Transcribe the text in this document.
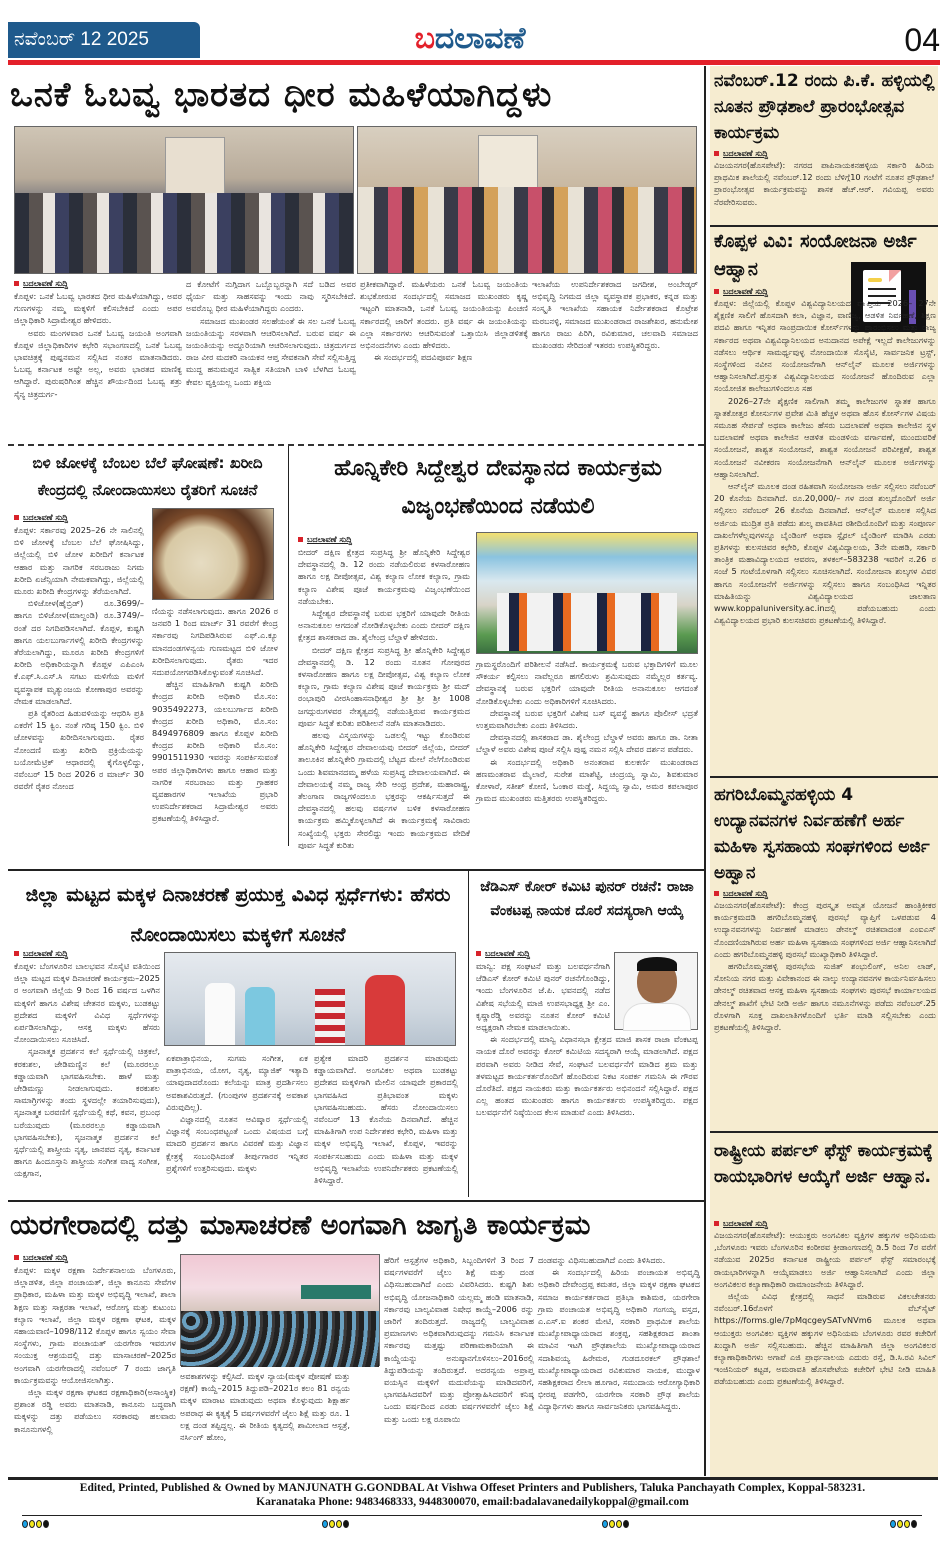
ನವೆಂಬರ್ 12 2025	ಬದಲಾವಣೆ	04
ಒನಕೆ ಓಬವ್ವ ಭಾರತದ ಧೀರ ಮಹಿಳೆಯಾಗಿದ್ದಳು
ಬದಲಾವಣೆ ಸುದ್ದಿ

ಕೊಪ್ಪಳ: ಒನಕೆ ಓಬವ್ವ ಭಾರತದ ಧೀರ ಮಹಿಳೆಯಾಗಿದ್ದು, ಅವರ ಗುಣಗಳನ್ನು ನಮ್ಮ ಮಕ್ಕಳಿಗೆ ಕಲಿಸಬೇಕಿದೆ ಎಂದು ಅಪರ ಜಿಲ್ಲಾಧಿಕಾರಿ ಸಿದ್ರಾಮೇಶ್ವರ ಹೇಳಿದರು.

ಅವರು ಮಂಗಳವಾರ ಒನಕೆ ಓಬವ್ವ ಜಯಂತಿ ಅಂಗವಾಗಿ ಕೊಪ್ಪಳ ಜಿಲ್ಲಾಧಿಕಾರಿಗಳ ಕಛೇರಿ ಸಭಾಂಗಣದಲ್ಲಿ ಒನಕೆ ಓಬವ್ವ ಭಾವಚಿತ್ರಕ್ಕೆ ಪುಷ್ಪನಮನ ಸಲ್ಲಿಸಿದ ನಂತರ ಮಾತನಾಡಿದರು. ಓಬವ್ವ ಕರ್ನಾಟಕ ಅಷ್ಟೇ ಅಲ್ಲ, ಅವರು ಭಾರತದ ಮಾಣಿಕ್ಯ ಆಗಿದ್ದಾರೆ. ಪುರುಷರಿಗಿಂತ ಹೆಚ್ಚಿನ ಶೌರ್ಯದಿಂದ ಓಬವ್ವ ಶತ್ರು ಸೈನ್ಯ ಚಿತ್ರದುರ್ಗ-

ದ ಕೋಟೆಗೆ ನುಗ್ಗಿದಾಗ ಒಬ್ಬೊಬ್ಬರನ್ನಾಗಿ ಸದೆ ಬಡಿದ ಅವರ ಧೈರ್ಯ ಮತ್ತು ಸಾಹಸವನ್ನು ಇಂದು ನಾವು ಸ್ಮರಿಸಬೇಕಿದೆ. ಅವರೊಬ್ಬ ಧೀರ ಮಹಿಳೆಯಾಗಿದ್ದರು ಎಂದರು.

ಸಮಾಜದ ಮುಖಂಡರ ಸಲಹೆಯಂತೆ ಈ ಸಲ ಒನಕೆ ಓಬವ್ವ ಜಯಂತಿಯನ್ನು ಸರಳವಾಗಿ ಆಚರಿಸಲಾಗಿದೆ. ಬರುವ ವರ್ಷ ಈ ಜಯಂತಿಯನ್ನು ಅದ್ದೂರಿಯಾಗಿ ಆಚರಿಸಲಾಗುವುದು. ಚಿತ್ರದುರ್ಗದ ರಾಜ ವೀರ ಮದಕರಿ ನಾಯಕನ ಆಪ್ತ ಸೇವಕನಾಗಿ ಸೇವೆ ಸಲ್ಲಿಸುತ್ತಿದ್ದ ಮುದ್ದ ಹನುಮಪ್ಪನ ಸಾತ್ವಿಕ ಸತಿಯಾಗಿ ಬಾಳಿ ಬೆಳಗಿದ ಓಬವ್ವ ಕೇವಲ ವ್ಯಕ್ತಿಯಲ್ಲ ಒಂದು ಶಕ್ತಿಯ

ಪ್ರತೀಕವಾಗಿದ್ದಾರೆ. ಮಹಿಳೆಯರು ಒನಕೆ ಓಬವ್ವ ಜಯಂತಿಯ ಶುಭಕೋರುವ ಸಂದರ್ಭದಲ್ಲಿ ಸಮಾಜದ ಮುಖಂಡರು ಕೃಷ್ಣ ಇಟ್ಟಂಗಿ ಮಾತನಾಡಿ, ಒನಕೆ ಓಬವ್ವ ಜಯಂತಿಯನ್ನು ಪಿಂಚಣಿ ಸರ್ಕಾರದಲ್ಲಿ ಜಾರಿಗೆ ತಂದರು. ಪ್ರತಿ ವರ್ಷ ಈ ಜಯಂತಿಯನ್ನು ಎಲ್ಲಾ ಸರ್ಕಾರಗಳು ಆಚರಿಸುವಂತೆ ಒತ್ತಾಯಿಸಿ ಜಿಲ್ಲಾಡಳಿತಕ್ಕೆ ಅಭಿನಂದನೆಗಳು ಎಂದು ಹೇಳಿದರು.

ಈ ಸಂದರ್ಭದಲ್ಲಿ ಪದವಿಪೂರ್ವ ಶಿಕ್ಷಣ

ಇಲಾಖೆಯ ಉಪನಿರ್ದೇಶಕರಾದ ಜಗದೀಶ, ಅಂಬೇಡ್ಕರ್ ಅಭಿವೃದ್ಧಿ ನಿಗಮದ ಜಿಲ್ಲಾ ವ್ಯವಸ್ಥಾಪಕ ಪ್ರಭಾಕರ, ಕನ್ನಡ ಮತ್ತು ಸಂಸ್ಕೃತಿ ಇಲಾಖೆಯ ಸಹಾಯಕ ನಿರ್ದೇಶಕರಾದ ಕೊಟ್ರೇಶ ಮರಬನಳ್ಳಿ, ಸಮಾಜದ ಮುಖಂಡರಾದ ರಾಜಶೇಖರ, ಹನುಮೇಶ ಹಾಗೂ ರಾಜು ಪಿರಿಗಿ, ರವಿಕುಮಾರ, ಚಲವಾದಿ ಸಮಾಜದ ಮುಖಂಡರು ಸೇರಿದಂತೆ ಇತರರು ಉಪಸ್ಥಿತರಿದ್ದರು.

ನವೆಂಬರ್.12 ರಂದು ಪಿ.ಕೆ. ಹಳ್ಳಿಯಲ್ಲಿ ನೂತನ ಪ್ರೌಢಶಾಲೆ ಪ್ರಾರಂಭೋತ್ಸವ ಕಾರ್ಯಕ್ರಮ
ಬದಲಾವಣೆ ಸುದ್ದಿ

ವಿಜಯನಗರ(ಹೊಸಪೇಟೆ): ನಗರದ ಪಾಪಿನಾಯಕನಹಳ್ಳಿಯ ಸರ್ಕಾರಿ ಹಿರಿಯ ಪ್ರಾಥಮಿಕ ಶಾಲೆಯಲ್ಲಿ ನವೆಂಬರ್.12 ರಂದು ಬೆಳಿಗ್ಗೆ10 ಗಂಟೆಗೆ ನೂತನ ಪ್ರೌಢಶಾಲೆ ಪ್ರಾರಂಭೋತ್ಸವ ಕಾರ್ಯಕ್ರಮವನ್ನು ಶಾಸಕ ಹೆಚ್.ಆರ್. ಗವಿಯಪ್ಪ ಅವರು ನೆರವೇರಿಸುವರು.

ಕೊಪ್ಪಳ ವಿವಿ: ಸಂಯೋಜನಾ ಅರ್ಜಿ ಆಹ್ವಾನ
ಬದಲಾವಣೆ ಸುದ್ದಿ

ಕೊಪ್ಪಳ: ಜಿಲ್ಲೆಯಲ್ಲಿ ಕೊಪ್ಪಳ ವಿಶ್ವವಿದ್ಯಾನಿಲಯದ ವ್ಯಾಪ್ತಿಯ 2026– 27ನೇ ಶೈಕ್ಷಣಿಕ ಸಾಲಿಗೆ ಹೊಸದಾಗಿ ಕಲಾ, ವಿಜ್ಞಾನ, ವಾಣಿಜ್ಯ, ಆಡಳಿತ ನಿರ್ವಹಣೆ, ಶಿಕ್ಷಣ ಪದವಿ ಹಾಗೂ ಇನ್ನಿತರ ಸಾಂಪ್ರದಾಯಿಕ ಕೋರ್ಸ್‌ಗಳನ್ನು ಪ್ರಾರಂಭಿಸಲು ಮತ್ತು ರಾಜ್ಯ ಸರ್ಕಾರದ ಅಥವಾ ವಿಶ್ವವಿದ್ಯಾನಿಲಯದ ಅನುದಾನದ ಅಪೇಕ್ಷೆ ಇಲ್ಲದೆ ಕಾಲೇಜುಗಳನ್ನು ನಡೆಸಲು ಆರ್ಥಿಕ ಸಾಮರ್ಥ್ಯವುಳ್ಳ ನೋಂದಾಯಿತ ಸೊಸೈಟಿ, ಸಾರ್ವಜನಿಕ ಟ್ರಸ್ಟ್, ಸಂಸ್ಥೆಗಳಿಂದ ನವೀನ ಸಂಯೋಜನೆಗಾಗಿ ಆನ್‌ಲೈನ್ ಮೂಲಕ ಅರ್ಜಿಗಳನ್ನು ಆಹ್ವಾನಿಸಲಾಗಿದೆ.ಪ್ರಸ್ತುತ ವಿಶ್ವವಿದ್ಯಾನಿಲಯದ ಸಂಯೋಜನೆ ಹೊಂದಿರುವ ಎಲ್ಲಾ ಸಂಯೋಜಿತ ಕಾಲೇಜುಗಳಿಂದಲೂ ಸಹ

2026–27ನೇ ಶೈಕ್ಷಣಿಕ ಸಾಲಿಗಾಗಿ ತಮ್ಮ ಕಾಲೇಜುಗಳ ಸ್ನಾತಕ ಹಾಗೂ ಸ್ನಾತಕೋತ್ತರ ಕೋರ್ಸುಗಳ ಪ್ರವೇಶ ಮಿತಿ ಹೆಚ್ಚಳ ಅಥವಾ ಹೊಸ ಕೋರ್ಸ್‌ಗಳ ವಿಷಯ ಸಮೂಹ ಸೇರ್ಪಡೆ ಅಥವಾ ಕಾಲೇಜು ಹೆಸರು ಬದಲಾವಣೆ ಅಥವಾ ಕಾಲೇಜಿನ ಸ್ಥಳ ಬದಲಾವಣೆ ಅಥವಾ ಕಾಲೇಜಿನ ಆಡಳಿತ ಮಂಡಳಿಯ ವರ್ಗಾವಣೆ, ಮುಂದುವರಿಕೆ ಸಂಯೋಜನೆ, ಶಾಶ್ವತ ಸಂಯೋಜನೆ, ಶಾಶ್ವತ ಸಂಯೋಜನೆ ಪರಿವೀಕ್ಷಣೆ, ಶಾಶ್ವತ ಸಂಯೋಜನೆ ನವೀಕರಣ ಸಂಯೋಜನೆಗಾಗಿ ಆನ್‌ಲೈನ್ ಮೂಲಕ ಅರ್ಜಿಗಳನ್ನು ಆಹ್ವಾನಿಸಲಾಗಿದೆ.

ಆನ್‌ಲೈನ್ ಮೂಲಕ ದಂಡ ರಹಿತವಾಗಿ ಸಂಯೋಜನಾ ಅರ್ಜಿ ಸಲ್ಲಿಸಲು ನವೆಂಬರ್ 20 ಕೊನೆಯ ದಿನವಾಗಿದೆ. ರೂ.20,000/– ಗಳ ದಂಡ ಶುಲ್ಕದೊಂದಿಗೆ ಅರ್ಜಿ ಸಲ್ಲಿಸಲು ನವೆಂಬರ್ 26 ಕೊನೆಯ ದಿನವಾಗಿದೆ. ಆನ್‌ಲೈನ್ ಮೂಲಕ ಸಲ್ಲಿಸಿದ ಅರ್ಜಿಯ ಮುದ್ರಿತ ಪ್ರತಿ ಪಡೆದು ಶುಲ್ಕ ಪಾವತಿಸಿದ ರಶೀದಿಯೊಂದಿಗೆ ಮತ್ತು ಸಂಪೂರ್ಣ ದಾಖಲೆಗಳೆಲ್ಲವುಗಳನ್ನೂ ಬೈಂಡಿಂಗ್ ಅಥವಾ ಸ್ಪೈರಲ್ ಬೈಂಡಿಂಗ್ ಮಾಡಿಸಿ ಎರಡು ಪ್ರತಿಗಳನ್ನು ಕುಲಸಚಿವರ ಕಛೇರಿ, ಕೊಪ್ಪಳ ವಿಶ್ವವಿದ್ಯಾಲಯ, 3ನೇ ಮಹಡಿ, ಸರ್ಕಾರಿ ತಾಂತ್ರಿಕ ಮಹಾವಿದ್ಯಾಲಯದ ಆವರಣ, ತಳಕಲ್–583238 ಇವರಿಗೆ ನ.26 ರ ಸಂಜೆ 5 ಗಂಟೆಯೊಳಗಾಗಿ ಸಲ್ಲಿಸಲು ಸೂಚಿಸಲಾಗಿದೆ. ಸಂಯೋಜನಾ ಶುಲ್ಕಗಳ ವಿವರ ಹಾಗೂ ಸಂಯೋಜನೆಗೆ ಅರ್ಜಿಗಳನ್ನು ಸಲ್ಲಿಸಲು ಹಾಗೂ ಸಂಬಂಧಿಸಿದ ಇನ್ನಿತರ ಮಾಹಿತಿಯನ್ನು ವಿಶ್ವವಿದ್ಯಾಲಯದ ಜಾಲತಾಣ www.koppaluniversity.ac.inದಲ್ಲಿ ಪಡೆಯಬಹುದು ಎಂದು ವಿಶ್ವವಿದ್ಯಾಲಯದ ಪ್ರಭಾರಿ ಕುಲಸಚಿವರು ಪ್ರಕಟಣೆಯಲ್ಲಿ ತಿಳಿಸಿದ್ದಾರೆ.

ಹಗರಿಬೊಮ್ಮನಹಳ್ಳಿಯ 4 ಉದ್ಯಾನವನಗಳ ನಿರ್ವಹಣೆಗೆ ಅರ್ಹ ಮಹಿಳಾ ಸ್ವಸಹಾಯ ಸಂಘಗಳಿಂದ ಅರ್ಜಿ ಅಹ್ವಾನ
ಬದಲಾವಣೆ ಸುದ್ದಿ

ವಿಜಯನಗರ(ಹೊಸಪೇಟೆ): ಕೇಂದ್ರ ಪುರಸ್ಕೃತ ಅಮೃತ ಯೋಜನೆ ಹಾಂತ್ರಿಕೀಕರ ಕಾರ್ಯಕ್ರಮದಡಿ ಹಗರಿಬೊಮ್ಮನಹಳ್ಳಿ ಪುರಸಭೆ ವ್ಯಾಪ್ತಿಗೆ ಒಳಪಡುವ 4 ಉದ್ಯಾನವನಗಳನ್ನು ನಿರ್ವಹಣೆ ಮಾಡಲು ಡೇನಲ್ಮ್ ರಚಿತವಾದಂತ ಎಂಐಎಸ್ ನೊಂದಣಿಯಾಗಿರುವ ಅರ್ಹ ಮಹಿಳಾ ಸ್ವಸಹಾಯ ಸಂಘಗಳಿಂದ ಅರ್ಜಿ ಆಹ್ವಾನಿಸಲಾಗಿದೆ ಎಂದು ಹಗರಿಬೊಮ್ಮನಹಳ್ಳಿ ಪುರಸಭೆ ಮುಖ್ಯಾಧಿಕಾರಿ ತಿಳಿಸಿದ್ದಾರೆ.

ಹಗರಿಬೊಮ್ಮನಹಳ್ಳಿ ಪುರಸಭೆಯ ಸುಜಿತ್ ಶಂಭುಲಿಂಗ್, ಅನಿಲ ಲಾಡ್, ಸೋನಿಯ ನಗರ ಮತ್ತು ವಿವೇಕಾನಂದ ಈ ನಾಲ್ಕು ಉದ್ಯಾನವನಗಳ ಕಾರ್ಯನಿರ್ವಹಿಸಲು ಡೇನಲ್ಮ್ ರಚಿತವಾದ ಆಸಕ್ತ ಮಹಿಳಾ ಸ್ವಸಹಾಯ ಸಂಘಗಳು ಪುರಸಭೆ ಕಾರ್ಯಾಲಯದ ಡೇನಲ್ಮ್ ಶಾಖೆಗೆ ಭೇಟಿ ನೀಡಿ ಅರ್ಜಿ ಹಾಗೂ ನಮೂನೆಗಳನ್ನು ಪಡೆದು ನವೆಂಬರ್.25 ರೊಳಗಾಗಿ ಸೂಕ್ತ ದಾಖಲಾತಿಗಳೊಂದಿಗೆ ಭರ್ತಿ ಮಾಡಿ ಸಲ್ಲಿಸಬೇಕು ಎಂದು ಪ್ರಕಟಣೆಯಲ್ಲಿ ತಿಳಿಸಿದ್ದಾರೆ.

ರಾಷ್ಟ್ರೀಯ ಪರ್ಪಲ್ ಫೆಸ್ಟ್ ಕಾರ್ಯಕ್ರಮಕ್ಕೆ ರಾಯಭಾರಿಗಳ ಆಯ್ಕೆಗೆ ಅರ್ಜಿ ಆಹ್ವಾನ.
ಬದಲಾವಣೆ ಸುದ್ದಿ

ವಿಜಯನಗರ(ಹೊಸಪೇಟೆ): ಆಯುಕ್ತರು ಅಂಗವಿಕಲ ವ್ಯಕ್ತಿಗಳ ಹಕ್ಕುಗಳ ಅಧಿನಿಯಮ ,ಬೆಂಗಳೂರು ಇವರು ಬೆಂಗಳೂರಿನ ಕಂಠೀರವ ಕ್ರೀಡಾಂಗಣದಲ್ಲಿ ಡಿ.5 ರಿಂದ 7ರ ವರೆಗೆ ನಡೆಯುವ 2025ರ ಕರ್ನಾಟಕ ರಾಷ್ಟ್ರೀಯ ಪರ್ಪಲ್ ಫೆಸ್ಟ್ ಸಮಾರಂಭಕ್ಕೆ ರಾಯಭಾರಿಗಳನ್ನಾಗಿ ಆಯ್ಕೆಮಾಡಲು ಅರ್ಜಿ ಆಹ್ವಾನಿಸಲಾಗಿದೆ ಎಂದು ಜಿಲ್ಲಾ ಅಂಗವಿಕಲರ ಕಲ್ಯಾಣಾಧಿಕಾರಿ ರಾಮಾಂಜನೇಯ ತಿಳಿಸಿದ್ದಾರೆ.

ಜಿಲ್ಲೆಯ ವಿವಿಧ ಕ್ಷೇತ್ರದಲ್ಲಿ ಸಾಧನೆ ಮಾಡಿರುವ ವಿಕಲಚೇತನರು ನವೆಂಬರ್.16ರೊಳಗೆ ವೆಬ್‌ಸೈಟ್ https://forms.gle/7pMqcgeySATvNVm6 ಮೂಲಕ ಅಥವಾ ಆಯುಕ್ತರು ಅಂಗವಿಕಲ ವ್ಯಕ್ತಿಗಳ ಹಕ್ಕುಗಳ ಅಧಿನಿಯಮ ಬೆಂಗಳೂರು ರವರ ಕಚೇರಿಗೆ ಖುದ್ದಾಗಿ ಅರ್ಜಿ ಸಲ್ಲಿಸಬಹುದು. ಹೆಚ್ಚಿನ ಮಾಹಿತಿಗಾಗಿ ಜಿಲ್ಲಾ ಅಂಗವಿಕಲರ ಕಲ್ಯಾಣಾಧಿಕಾರಿಗಳು ಅಗಾಪೆ ಎಜಿ ಪ್ರಾರ್ಥನಾಲಯ ಎದುರು ರಸ್ತೆ, ಡಿ.ಸಿ.ರವಿ ಸಿವಿಲ್ ಇಂಜಿನಿಯರ್ ಕಟ್ಟಡ, ಅಮರಾವತಿ ಹೊಸಪೇಟೆಯ ಕಚೇರಿಗೆ ಭೇಟಿ ನೀಡಿ ಮಾಹಿತಿ ಪಡೆಯಬಹುದು ಎಂದು ಪ್ರಕಟಣೆಯಲ್ಲಿ ತಿಳಿಸಿದ್ದಾರೆ.

ಬಿಳಿ ಜೋಳಕ್ಕೆ ಬೆಂಬಲ ಬೆಲೆ ಘೋಷಣೆ: ಖರೀದಿ ಕೇಂದ್ರದಲ್ಲಿ ನೋಂದಾಯಿಸಲು ರೈತರಿಗೆ ಸೂಚನೆ
ಬದಲಾವಣೆ ಸುದ್ದಿ

ಕೊಪ್ಪಳ: ಸರ್ಕಾರವು 2025–26 ನೇ ಸಾಲಿನಲ್ಲಿ ಬಿಳಿ ಜೋಳಕ್ಕೆ ಬೆಂಬಲ ಬೆಲೆ ಘೋಷಿಸಿದ್ದು, ಜಿಲ್ಲೆಯಲ್ಲಿ ಬಿಳಿ ಜೋಳ ಖರೀದಿಗೆ ಕರ್ನಾಟಕ ಆಹಾರ ಮತ್ತು ನಾಗರಿಕ ಸರಬರಾಜು ನಿಗಮ ಖರೀದಿ ಏಜೆನ್ಸಿಯಾಗಿ ನೇಮಕವಾಗಿದ್ದು, ಜಿಲ್ಲೆಯಲ್ಲಿ ಮೂರು ಖರೀದಿ ಕೇಂದ್ರಗಳನ್ನು ತೆರೆಯಲಾಗಿದೆ.

ಬಿಳಿಜೋಳ(ಹೈಬ್ರಿಡ್) ರೂ.3699/– ಹಾಗೂ ಬಿಳಿಜೋಳ(ಮಾಲ್ದಂಡಿ) ರೂ.3749/– ರಂತೆ ದರ ನಿಗದಿಪಡಿಸಲಾಗಿದೆ. ಕೊಪ್ಪಳ, ಕುಷ್ಟಗಿ ಹಾಗೂ ಯಲಬುರ್ಗಾಗಳಲ್ಲಿ ಖರೀದಿ ಕೇಂದ್ರಗಳನ್ನು ತೆರೆಯಲಾಗಿದ್ದು, ಮೂರೂ ಖರೀದಿ ಕೇಂದ್ರಗಳಿಗೆ ಖರೀದಿ ಅಧಿಕಾರಿಯನ್ನಾಗಿ ಕೊಪ್ಪಳ ಎಪಿಎಂಸಿ ಕೆ.ಎಫ್.ಸಿ.ಎಸ್.ಸಿ ಸಗಟು ಮಳಿಗೆಯ ಮಳಿಗೆ ವ್ಯವಸ್ಥಾಪಕ ಮೃತ್ಯುಂಜಯ ಕೋಣಾಪುರ ಅವರನ್ನು ನೇಮಕ ಮಾಡಲಾಗಿದೆ.

ಪ್ರತಿ ರೈತರಿಂದ ಹಿಡುವಳಿಯನ್ನು ಆಧರಿಸಿ ಪ್ರತಿ ಎಕರೆಗೆ 15 ಕ್ವಿಂ. ನಂತೆ ಗರಿಷ್ಠ 150 ಕ್ವಿಂ. ಬಿಳಿ ಜೋಳವನ್ನು ಖರೀದಿಸಲಾಗುವುದು. ರೈತರ ನೋಂದಣಿ ಮತ್ತು ಖರೀದಿ ಪ್ರಕ್ರಿಯೆಯನ್ನು ಬಯೋಮೆಟ್ರಿಕ್ ಆಧಾರದಲ್ಲಿ ಕೈಗೊಳ್ಳಲಿದ್ದು, ನವೆಂಬರ್ 15 ರಿಂದ 2026 ರ ಮಾರ್ಚ್ 30 ರವರೆಗೆ ರೈತರ ನೋಂದ

ಣಿಯನ್ನು ನಡೆಸಲಾಗುವುದು. ಹಾಗೂ 2026 ರ ಜನವರಿ 1 ರಿಂದ ಮಾರ್ಚ್ 31 ರವರೆಗೆ ಕೇಂದ್ರ ಸರ್ಕಾರವು ನಿಗದಿಪಡಿಸಿರುವ ಎಫ್.ಎ.ಕ್ಯೂ ಮಾನದಂಡಗಳನ್ವಯ ಗುಣಮಟ್ಟದ ಬಿಳಿ ಜೋಳ ಖರೀದಿಸಲಾಗುವುದು. ರೈತರು ಇದರ ಸದುಪಯೋಗಪಡಿಸಿಕೊಳ್ಳುವಂತೆ ಸೂಚಿಸಿದೆ.

ಹೆಚ್ಚಿನ ಮಾಹಿತಿಗಾಗಿ ಕುಷ್ಟಗಿ ಖರೀದಿ ಕೇಂದ್ರದ ಖರೀದಿ ಅಧಿಕಾರಿ ಮೊ.ಸಂ: 9035492273, ಯಲಬುರ್ಗಾದ ಖರೀದಿ ಕೇಂದ್ರದ ಖರೀದಿ ಅಧಿಕಾರಿ, ಮೊ.ಸಂ: 8494976809 ಹಾಗೂ ಕೊಪ್ಪಳ ಖರೀದಿ ಕೇಂದ್ರದ ಖರೀದಿ ಅಧಿಕಾರಿ ಮೊ.ಸಂ: 9901511930 ಇವರನ್ನು ಸಂಪರ್ಕಿಸುವಂತೆ ಅಪರ ಜಿಲ್ಲಾಧಿಕಾರಿಗಳು ಹಾಗೂ ಆಹಾರ ಮತ್ತು ನಾಗರಿಕ ಸರಬರಾಜು ಮತ್ತು ಗ್ರಾಹಕರ ವ್ಯವಹಾರಗಳ ಇಲಾಖೆಯ ಪ್ರಭಾರಿ ಉಪನಿರ್ದೇಶಕರಾದ ಸಿದ್ರಾಮೇಶ್ವರ ಅವರು ಪ್ರಕಟಣೆಯಲ್ಲಿ ತಿಳಿಸಿದ್ದಾರೆ.

ಹೊನ್ನಿಕೇರಿ ಸಿದ್ದೇಶ್ವರ ದೇವಸ್ಥಾನದ ಕಾರ್ಯಕ್ರಮ ವಿಜೃಂಭಣೆಯಿಂದ ನಡೆಯಲಿ
ಬದಲಾವಣೆ ಸುದ್ದಿ

ಬೀದರ್ ದಕ್ಷಿಣ ಕ್ಷೇತ್ರದ ಸುಪ್ರಸಿದ್ಧ ಶ್ರೀ ಹೊನ್ನಿಕೇರಿ ಸಿದ್ದೇಶ್ವರ ದೇವಸ್ಥಾನದಲ್ಲಿ ಡಿ. 12 ರಂದು ನಡೆಯಲಿರುವ ಕಳಸಾರೋಹಣ ಹಾಗೂ ಲಕ್ಷ ದೀಪೋತ್ಸವ, ವಿಶ್ವ ಕಲ್ಯಾಣ ಲೋಕ ಕಲ್ಯಾಣ, ಗ್ರಾಮ ಕಲ್ಯಾಣ ವಿಶೇಷ ಪೂಜೆ ಕಾರ್ಯಕ್ರಮವು ವಿಜೃಂಭಣೆಯಿಂದ ನಡೆಯಬೇಕು.

ಸಿದ್ದೇಶ್ವರ ದೇವಸ್ಥಾನಕ್ಕೆ ಬರುವ ಭಕ್ತರಿಗೆ ಯಾವುದೇ ರೀತಿಯ ಅನಾನುಕೂಲ ಆಗದಂತೆ ನೋಡಿಕೊಳ್ಳಬೇಕು ಎಂದು ಬೀದರ್ ದಕ್ಷಿಣ ಕ್ಷೇತ್ರದ ಶಾಸಕರಾದ ಡಾ. ಶೈಲೇಂದ್ರ ಬೆಲ್ದಾಳೆ ಹೇಳಿದರು.

ಬೀದರ್ ದಕ್ಷಿಣ ಕ್ಷೇತ್ರದ ಸುಪ್ರಸಿದ್ಧ ಶ್ರೀ ಹೊನ್ನಿಕೇರಿ ಸಿದ್ದೇಶ್ವರ ದೇವಸ್ಥಾನದಲ್ಲಿ ಡಿ. 12 ರಂದು ನೂತನ ಗೋಪುರದ ಕಳಸಾರೋಹಣ ಹಾಗೂ ಲಕ್ಷ ದೀಪೋತ್ಸವ, ವಿಶ್ವ ಕಲ್ಯಾಣ ಲೋಕ ಕಲ್ಯಾಣ, ಗ್ರಾಮ ಕಲ್ಯಾಣ ವಿಶೇಷ ಪೂಜೆ ಕಾರ್ಯಕ್ರಮ ಶ್ರೀ ಮದ್ ರಂಭಾಪುರಿ ವೀರಸಿಂಹಾಸನಾಧೀಶ್ವರ ಶ್ರೀ ಶ್ರೀ ಶ್ರೀ 1008 ಜಗದ್ಗುರುಗಳವರ ನೇತೃತ್ವದಲ್ಲಿ ನಡೆಯುತ್ತಿರುವ ಕಾರ್ಯಕ್ರಮದ ಪೂರ್ವ ಸಿದ್ಧತೆ ಕುರಿತು ಪರಿಶೀಲನೆ ನಡೆಸಿ ಮಾತನಾಡಿದರು.

ಹಲವು ವಿಸ್ಮಯಗಳನ್ನು ಒಡಲಲ್ಲಿ ಇಟ್ಟು ಕೊಂಡಿರುವ ಹೊನ್ನಿಕೇರಿ ಸಿದ್ದೇಶ್ವರ ದೇವಾಲಯವು ಬೀದರ್ ಜಿಲ್ಲೆಯ, ಬೀದರ್ ತಾಲೂಕಿನ ಹೊನ್ನಿಕೇರಿ ಗ್ರಾಮದಲ್ಲಿ ಬೆಟ್ಟದ ಮೇಲೆ ನೆಲೆಗೊಂಡಿರುವ ಒಂದು ಶಿವಮಾನದಮ್ಮ ಹಳೆಯ ಸುಪ್ರಸಿದ್ಧ ದೇವಾಲಯವಾಗಿದೆ. ಈ ದೇವಾಲಯಕ್ಕೆ ನಮ್ಮ ರಾಜ್ಯ ಸೇರಿ ಆಂಧ್ರ ಪ್ರದೇಶ, ಮಹಾರಾಷ್ಟ್ರ, ತೆಲಂಗಾಣ ರಾಜ್ಯಗಳಿಂದಲೂ ಭಕ್ತರನ್ನು ಆಕರ್ಷಿಸುತ್ತದೆ ಈ ದೇವಸ್ಥಾನದಲ್ಲಿ ಹಲವು ವರ್ಷಗಳ ಬಳಿಕ ಕಳಸಾರೋಹಣ ಕಾರ್ಯಕ್ರಮ ಹಮ್ಮಿಕೊಳ್ಳಲಾಗಿದೆ ಈ ಕಾರ್ಯಕ್ರಮಕ್ಕೆ ಸಾವಿರಾರು ಸಂಖ್ಯೆಯಲ್ಲಿ ಭಕ್ತರು ಸೇರಲಿದ್ದು ಇಂದು ಕಾರ್ಯಕ್ರಮದ ವೇದಿಕೆ ಪೂರ್ವ ಸಿದ್ಧತೆ ಕುರಿತು

ಗ್ರಾಮಸ್ಥರೊಂದಿಗೆ ಪರಿಶೀಲನೆ ನಡೆಸಿದೆ. ಕಾರ್ಯಕ್ರಮಕ್ಕೆ ಬರುವ ಭಕ್ತಾದಿಗಳಿಗೆ ಮೂಲ ಸೌಕರ್ಯ ಕಲ್ಪಿಸಲು ನಾವೆಲ್ಲರೂ ಹಗಲಿರುಳು ಶ್ರಮಿಸುವುದು ನಮ್ಮೆಲ್ಲರ ಕರ್ತವ್ಯ. ದೇವಸ್ಥಾನಕ್ಕೆ ಬರುವ ಭಕ್ತರಿಗೆ ಯಾವುದೇ ರೀತಿಯ ಅನಾನುಕೂಲ ಆಗದಂತೆ ನೋಡಿಕೊಳ್ಳಬೇಕು ಎಂದು ಅಧಿಕಾರಿಗಳಿಗೆ ಸೂಚಿಸಿದರು.

ದೇವಸ್ಥಾನಕ್ಕೆ ಬರುವ ಭಕ್ತರಿಗೆ ವಿಶೇಷ ಬಸ್ ವ್ಯವಸ್ಥೆ ಹಾಗೂ ಪೊಲೀಸ್ ಭದ್ರತೆ ಉತ್ತಮವಾಗಿರಬೇಕು ಎಂದು ತಿಳಿಸಿದರು.

ದೇವಸ್ಥಾನದಲ್ಲಿ ಶಾಸಕರಾದ ಡಾ. ಶೈಲೇಂದ್ರ ಬೆಲ್ದಾಳೆ ಅವರು ಹಾಗೂ ಡಾ. ನೀತಾ ಬೆಲ್ದಾಳೆ ಅವರು ವಿಶೇಷ ಪೂಜೆ ಸಲ್ಲಿಸಿ ಪುಷ್ಪ ನಮನ ಸಲ್ಲಿಸಿ ದೇವರ ದರ್ಶನ ಪಡೆದರು.

ಈ ಸಂದರ್ಭದಲ್ಲಿ ಅಧಿಕಾರಿ ಅನಂತರಾವ ಕುಲಕರ್ಣಿ ಮುಖಂಡರಾದ ಹಣಮಂತರಾವ ಮೈಲಾರೆ, ಸುರೇಶ ಮಾಶೆಟ್ಟಿ, ಚಂದ್ರಯ್ಯ ಸ್ವಾಮಿ, ಶಿವಕುಮಾರ ಕೋಳಾರೆ, ಸತೀಶ್ ಕೋಣಿ, ಓಂಕಾರ ಮಡ್ಡೆ, ಸಿದ್ದಯ್ಯ ಸ್ವಾಮಿ, ಅಮರ ಕಪಲಾಪೂರ ಗ್ರಾಮದ ಮುಖಂಡರು ಮತ್ತಿತರರು ಉಪಸ್ಥಿತರಿದ್ದರು.

ಜಿಲ್ಲಾ ಮಟ್ಟದ ಮಕ್ಕಳ ದಿನಾಚರಣೆ ಪ್ರಯುಕ್ತ ವಿವಿಧ ಸ್ಪರ್ಧೆಗಳು: ಹೆಸರು ನೋಂದಾಯಿಸಲು ಮಕ್ಕಳಿಗೆ ಸೂಚನೆ
ಬದಲಾವಣೆ ಸುದ್ದಿ

ಕೊಪ್ಪಳ: ಬೆಂಗಳೂರಿನ ಬಾಲಭವನ ಸೊಸೈಟಿ ವತಿಯಿಂದ ಜಿಲ್ಲಾ ಮಟ್ಟದ ಮಕ್ಕಳ ದಿನಾಚರಣೆ ಕಾರ್ಯಕ್ರಮ–2025 ರ ಅಂಗವಾಗಿ ಜಿಲ್ಲೆಯ 9 ರಿಂದ 16 ವರ್ಷದ ಒಳಗಿನ ಮಕ್ಕಳಿಗೆ ಹಾಗೂ ವಿಶೇಷ ಚೇತನರ ಮಕ್ಕಳು, ಬುಡಕಟ್ಟು ಪ್ರದೇಶದ ಮಕ್ಕಳಿಗೆ ವಿವಿಧ ಸ್ಪರ್ಧೆಗಳನ್ನು ಏರ್ಪಡಿಸಲಾಗಿದ್ದು, ಆಸಕ್ತ ಮಕ್ಕಳು ಹೆಸರು ನೋಂದಾಯಿಸಲು ಸೂಚಿಸಿದೆ.

ಸೃಜನಾತ್ಮಕ ಪ್ರದರ್ಶನ ಕಲೆ ಸ್ಪರ್ಧೆಯಲ್ಲಿ ಚಿತ್ರಕಲೆ, ಕರಕುಶಲ, ಜೇಡಿಮಣ್ಣಿನ ಕಲೆ (ಮೂರರಲ್ಲೂ ಕಡ್ಡಾಯವಾಗಿ ಭಾಗವಹಿಸಬೇಕು. ಹಾಳೆ ಮತ್ತು ಜೇಡಿಮಣ್ಣು ನೀಡಲಾಗುವುದು. ಕರಕುಶಲ ಸಾಮಾಗ್ರಿಗಳನ್ನು ತಂದು ಸ್ಥಳದಲ್ಲೇ ತಯಾರಿಸುವುದು), ಸೃಜನಾತ್ಮಕ ಬರವಣಿಗೆ ಸ್ಪರ್ಧೆಯಲ್ಲಿ ಕಥೆ, ಕವನ, ಪ್ರಬಂಧ ಬರೆಯುವುದು (ಮೂರರಲ್ಲೂ ಕಡ್ಡಾಯವಾಗಿ ಭಾಗವಹಿಸಬೇಕು), ಸೃಜನಾತ್ಮಕ ಪ್ರದರ್ಶನ ಕಲೆ ಸ್ಪರ್ಧೆಯಲ್ಲಿ ಶಾಸ್ತ್ರೀಯ ನೃತ್ಯ, ಜಾನಪದ ನೃತ್ಯ, ಕರ್ನಾಟಕ ಹಾಗೂ ಹಿಂದೂಸ್ತಾನಿ ಶಾಸ್ತ್ರೀಯ ಸಂಗೀತ ವಾದ್ಯ ಸಂಗೀತ, ಯಕ್ಷಗಾನ,

ಏಕಪಾತ್ರಾಭಿನಯ, ಸುಗಮ ಸಂಗೀತ, ಏಕ ಪಾತ್ರಾಭಿನಯ, ಯೋಗ, ನೃತ್ಯ, ಮ್ಯಾಜಿಕ್ ಇತ್ಯಾದಿ ಯಾವುದಾದರೊಂದು ಕಲೆಯನ್ನು ಮಾತ್ರ ಪ್ರದರ್ಶಿಸಲು ಅವಕಾಶವಿರುತ್ತದೆ. (ಗುಂಪುಗಳ ಪ್ರದರ್ಶನಕ್ಕೆ ಅವಕಾಶ ವಿರುವುದಿಲ್ಲ).

ವಿಜ್ಞಾನದಲ್ಲಿ ನೂತನ ಆವಿಷ್ಕಾರ ಸ್ಪರ್ಧೆಯಲ್ಲಿ ವಿಜ್ಞಾನಕ್ಕೆ ಸಂಬಂಧಪಟ್ಟಂತೆ ಒಂದು ವಿಷಯದ ಬಗ್ಗೆ ಮಾದರಿ ಪ್ರದರ್ಶನ ಹಾಗೂ ವಿವರಣೆ ಮತ್ತು ವಿಜ್ಞಾನ ಕ್ಷೇತ್ರಕ್ಕೆ ಸಂಬಂಧಿಸಿದಂತೆ ತೀರ್ಪುಗಾರರ ಇನ್ನಿತರ ಪ್ರಶ್ನೆಗಳಿಗೆ ಉತ್ತರಿಸುವುದು. ಮಕ್ಕಳು

ಪ್ರತ್ಯೇಕ ಮಾದರಿ ಪ್ರದರ್ಶನ ಮಾಡುವುದು ಕಡ್ಡಾಯವಾಗಿದೆ. ಅಂಗವಿಕಲ ಅಥವಾ ಬುಡಕಟ್ಟು ಪ್ರದೇಶದ ಮಕ್ಕಳಿಗಾಗಿ ಮೇಲಿನ ಯಾವುದೇ ಪ್ರಕಾರದಲ್ಲಿ ಭಾಗವಹಿಸಿದ ಪ್ರತಿಭಾವಂತ ಮಕ್ಕಳು ಭಾಗವಹಿಸಬಹುದು. ಹೆಸರು ನೋಂದಾಯಿಸಲು ನವೆಂಬರ್ 13 ಕೊನೆಯ ದಿನವಾಗಿದೆ. ಹೆಚ್ಚಿನ ಮಾಹಿತಿಗಾಗಿ ಉಪ ನಿರ್ದೇಶಕರ ಕಛೇರಿ, ಮಹಿಳಾ ಮತ್ತು ಮಕ್ಕಳ ಅಭಿವೃದ್ಧಿ ಇಲಾಖೆ, ಕೊಪ್ಪಳ, ಇವರನ್ನು ಸಂಪರ್ಕಿಸಬಹುದು ಎಂದು ಮಹಿಳಾ ಮತ್ತು ಮಕ್ಕಳ ಅಭಿವೃದ್ಧಿ ಇಲಾಖೆಯ ಉಪನಿರ್ದೇಶಕರು ಪ್ರಕಟಣೆಯಲ್ಲಿ ತಿಳಿಸಿದ್ದಾರೆ.

ಜೆಡಿಎಸ್ ಕೋರ್ ಕಮಿಟಿ ಪುನರ್ ರಚನೆ: ರಾಜಾ ವೆಂಕಟಪ್ಪ ನಾಯಕ ದೊರೆ ಸದಸ್ಯರಾಗಿ ಆಯ್ಕೆ
ಬದಲಾವಣೆ ಸುದ್ದಿ

ಮಾನ್ವಿ: ಪಕ್ಷ ಸಂಘಟನೆ ಮತ್ತು ಬಲವರ್ಧನೆಗಾಗಿ ಜೆಡಿಎಸ್ ಕೋರ್ ಕಮಿಟಿ ಪುನರ್ ರಚನೆಗೊಂಡಿದ್ದು, ಇಂದು ಬೆಂಗಳೂರಿನ ಜೆ.ಪಿ. ಭವನದಲ್ಲಿ ನಡೆದ ವಿಶೇಷ ಸಭೆಯಲ್ಲಿ ಮಾಜಿ ಉಪಸಭಾಧ್ಯಕ್ಷ ಶ್ರೀ ಎಂ. ಕೃಷ್ಣಾರೆಡ್ಡಿ ಅವರನ್ನು ನೂತನ ಕೋರ್ ಕಮಿಟಿ ಅಧ್ಯಕ್ಷರಾಗಿ ನೇಮಕ ಮಾಡಲಾಯಿತು.

ಈ ಸಂದರ್ಭದಲ್ಲಿ ಮಾನ್ವಿ ವಿಧಾನಸಭಾ ಕ್ಷೇತ್ರದ ಮಾಜಿ ಶಾಸಕ ರಾಜಾ ವೆಂಕಟಪ್ಪ ನಾಯಕ ದೊರೆ ಅವರನ್ನು ಕೋರ್ ಕಮಿಟಿಯ ಸದಸ್ಯರಾಗಿ ಆಯ್ಕೆ ಮಾಡಲಾಗಿದೆ. ಪಕ್ಷದ ಪರವಾಗಿ ಅವರು ನೀಡಿದ ಸೇವೆ, ಸಂಘಟನೆ ಬಲವರ್ಧನೆಗೆ ಮಾಡಿದ ಶ್ರಮ ಮತ್ತು ತಳಮಟ್ಟದ ಕಾರ್ಯಕರ್ತರೊಂದಿಗೆ ಹೊಂದಿರುವ ನಿಕಟ ಸಂಪರ್ಕ ಗಮನಿಸಿ ಈ ಗೌರವ ದೊರೆತಿದೆ. ಪಕ್ಷದ ನಾಯಕರು ಮತ್ತು ಕಾರ್ಯಕರ್ತರು ಅಭಿನಂದನೆ ಸಲ್ಲಿಸಿದ್ದಾರೆ. ಪಕ್ಷದ ಎಲ್ಲ ಹಂತದ ಮುಖಂಡರು ಹಾಗೂ ಕಾರ್ಯಕರ್ತರು ಉಪಸ್ಥಿತರಿದ್ದರು. ಪಕ್ಷದ ಬಲವರ್ಧನೆಗೆ ನಿಷ್ಠೆಯಿಂದ ಕೆಲಸ ಮಾಡುವೆ ಎಂದು ತಿಳಿಸಿದರು.

ಯರಗೇರಾದಲ್ಲಿ ದತ್ತು ಮಾಸಾಚರಣೆ ಅಂಗವಾಗಿ ಜಾಗೃತಿ ಕಾರ್ಯಕ್ರಮ
ಬದಲಾವಣೆ ಸುದ್ದಿ

ಕೊಪ್ಪಳ: ಮಕ್ಕಳ ರಕ್ಷಣಾ ನಿರ್ದೇಶನಾಲಯ ಬೆಂಗಳೂರು, ಜಿಲ್ಲಾಡಳಿತ, ಜಿಲ್ಲಾ ಪಂಚಾಯತ್, ಜಿಲ್ಲಾ ಕಾನೂನು ಸೇವೆಗಳ ಪ್ರಾಧಿಕಾರ, ಮಹಿಳಾ ಮತ್ತು ಮಕ್ಕಳ ಅಭಿವೃದ್ಧಿ ಇಲಾಖೆ, ಶಾಲಾ ಶಿಕ್ಷಣ ಮತ್ತು ಸಾಕ್ಷರತಾ ಇಲಾಖೆ, ಆರೋಗ್ಯ ಮತ್ತು ಕುಟುಂಬ ಕಲ್ಯಾಣ ಇಲಾಖೆ, ಜಿಲ್ಲಾ ಮಕ್ಕಳ ರಕ್ಷಣಾ ಘಟಕ, ಮಕ್ಕಳ ಸಹಾಯವಾಣಿ–1098/112 ಕೊಪ್ಪಳ ಹಾಗೂ ಸ್ವಯಂ ಸೇವಾ ಸಂಸ್ಥೆಗಳು, ಗ್ರಾಮ ಪಂಚಾಯತ್ ಯರಗೇರಾ ಇವರುಗಳ ಸಂಯುಕ್ತ ಆಶ್ರಯದಲ್ಲಿ ದತ್ತು ಮಾಸಾಚರಣೆ–2025ರ ಅಂಗವಾಗಿ ಯರಗೇರಾದಲ್ಲಿ ನವೆಂಬರ್ 7 ರಂದು ಜಾಗೃತಿ ಕಾರ್ಯಕ್ರಮವನ್ನು ಆಯೋಜಿಸಲಾಗಿತ್ತು.

ಜಿಲ್ಲಾ ಮಕ್ಕಳ ರಕ್ಷಣಾ ಘಟಕದ ರಕ್ಷಣಾಧಿಕಾರಿ(ಅಸಾಂಸ್ಥಿಕ) ಪ್ರಶಾಂತ ರಡ್ಡಿ ಅವರು ಮಾತನಾಡಿ, ಕಾನೂನು ಬದ್ಧವಾಗಿ ಮಕ್ಕಳನ್ನು ದತ್ತು ಪಡೆಯಲು ಸರಕಾರವು ಹಲವಾರು ಕಾನೂನುಗಳಲ್ಲಿ

ಅವಕಾಶಗಳನ್ನು ಕಲ್ಪಿಸಿದೆ. ಮಕ್ಕಳ ನ್ಯಾಯ(ಮಕ್ಕಳ ಪೋಷಣೆ ಮತ್ತು ರಕ್ಷಣೆ) ಕಾಯ್ದೆ–2015 ತಿದ್ದುಪಡಿ–2021ರ ಕಲಂ 81 ರನ್ವಯ ಮಕ್ಕಳ ಮಾರಾಟ ಮಾಡುವುದು ಅಥವಾ ಕೊಳ್ಳುವುದು ಶಿಕ್ಷಾರ್ಹ ಅಪರಾಧ ಈ ಕೃತ್ಯಕ್ಕೆ 5 ವರ್ಷಗಳವರೆಗೆ ಜೈಲು ಶಿಕ್ಷೆ ಮತ್ತು ರೂ. 1 ಲಕ್ಷ ದಂಡ ತಪ್ಪಿದ್ದಲ್ಲ. ಈ ರೀತಿಯ ಕೃತ್ಯದಲ್ಲಿ ಶಾಮೀಲಾದ ಆಸ್ಪತ್ರೆ, ನರ್ಸಿಂಗ್ ಹೋಂ,

ಹೆರಿಗೆ ಆಸ್ಪತ್ರೆಗಳ ಅಧಿಕಾರಿ, ಸಿಬ್ಬಂದಿಗಳಿಗೆ 3 ರಿಂದ 7 ವರ್ಷಗಳವರೆಗೆ ಜೈಲು ಶಿಕ್ಷೆ ಮತ್ತು ದಂಡ ವಿಧಿಸಬಹುದಾಗಿದೆ ಎಂದು ವಿವರಿಸಿದರು. ಕುಷ್ಟಗಿ ಶಿಶು ಅಭಿವೃದ್ಧಿ ಯೋಜನಾಧಿಕಾರಿ ಯಲ್ಲಮ್ಮ ಹಂಡಿ ಮಾತನಾಡಿ, ಸರ್ಕಾರವು ಬಾಲ್ಯವಿವಾಹ ನಿಷೇಧ ಕಾಯ್ದೆ–2006 ರನ್ನು ಜಾರಿಗೆ ತಂದಿರುತ್ತದೆ. ರಾಜ್ಯದಲ್ಲಿ ಬಾಲ್ಯವಿವಾಹ ಪ್ರಮಾಣಗಳು ಅಧಿಕವಾಗಿರುವುದನ್ನು ಗಮನಿಸಿ ಕರ್ನಾಟಕ ಸರ್ಕಾರವು ಮತ್ತಷ್ಟು ಪರಿಣಾಮಕಾರಿಯಾಗಿ ಈ ಕಾಯ್ದೆಯನ್ನು ಅನುಷ್ಠಾನಗೊಳಿಸಲು–2016ರಲ್ಲಿ ತಿದ್ದುಪಡಿಯನ್ನು ತಂದಿರುತ್ತದೆ. ಅದರನ್ವಯ ಅಪ್ರಾಪ್ತ ವಯಸ್ಸಿನ ಮಕ್ಕಳಿಗೆ ಮದುವೆಯನ್ನು ಮಾಡಿದವರಿಗೆ, ಭಾಗವಹಿಸಿದವರಿಗೆ ಮತ್ತು ಪ್ರೋತ್ಸಾಹಿಸಿದವರಿಗೆ ಕನಿಷ್ಠ ಒಂದು ವರ್ಷದಿಂದ ಎರಡು ವರ್ಷಗಳವರೆಗೆ ಜೈಲು ಶಿಕ್ಷೆ ಮತ್ತು ಒಂದು ಲಕ್ಷ ರೂಪಾಯಿ

ದಂಡವನ್ನು ವಿಧಿಸಬಹುದಾಗಿದೆ ಎಂದು ತಿಳಿಸಿದರು.

ಈ ಸಂದರ್ಭದಲ್ಲಿ ಹಿರಿಯ ಪಂಚಾಯತ ಅಭಿವೃದ್ಧಿ ಅಧಿಕಾರಿ ದೇವೇಂದ್ರಪ್ಪ ಕಮತರ, ಜಿಲ್ಲಾ ಮಕ್ಕಳ ರಕ್ಷಣಾ ಘಟಕದ ಸಮಾಜ ಕಾರ್ಯಕರ್ತರಾದ ಪ್ರತಿಭಾ ಕಾಶಿಮಠ, ಯರಗೇರಾ ಗ್ರಾಮ ಪಂಚಾಯತ ಅಭಿವೃದ್ಧಿ ಅಧಿಕಾರಿ ಗಂಗಯ್ಯ ವಸ್ತದ, ಎ.ಎಸ್.ಐ ಶಂಕರ ಮೇಟಿ, ಸರಕಾರಿ ಪ್ರಾಥಮಿಕ ಶಾಲೆಯ ಮುಖ್ಯೋಪಾಧ್ಯಾಯರಾದ ಶಂಕ್ರಪ್ಪ, ಸಹಶಿಕ್ಷಕರಾದ ಶಾಂತಾ ಮಾವಿನ ಇಟಗಿ ಪ್ರೌಢಶಾಲೆಯ ಮುಖ್ಯೋಪಾಧ್ಯಾಯರಾದ ಸದಾಶಿವಯ್ಯ ಹಿರೇಮಠ, ಗುಡದೂರಕಲ್ ಪ್ರೌಢಶಾಲೆ ಮುಖ್ಯೋಪಾಧ್ಯಾಯರಾದ ರವಿಕುಮಾರ ನಾಯಕ, ಮುದ್ದಾಳ ಸಹಶಿಕ್ಷಕರಾದ ಲೀಲಾ ಹೂಗಾರ, ಸಮುದಾಯ ಆರೋಗ್ಯಾಧಿಕಾರಿ ಭೀರಪ್ಪ ಪಡಗೇರಿ, ಯರಗೇರಾ ಸರಕಾರಿ ಪ್ರೌಢ ಶಾಲೆಯ ವಿದ್ಯಾರ್ಥಿಗಳು ಹಾಗೂ ಸಾರ್ವಜನಿಕರು ಭಾಗವಹಿಸಿದ್ದರು.

Edited, Printed, Published & Owned by MANJUNATH G.GONDBAL At Vishwa Offeset Printers and Publishers, Taluka Panchayath Complex, Koppal-583231.
Karanataka Phone: 9483468333, 9448300070, email:badalavanedailykoppal@gmail.com
